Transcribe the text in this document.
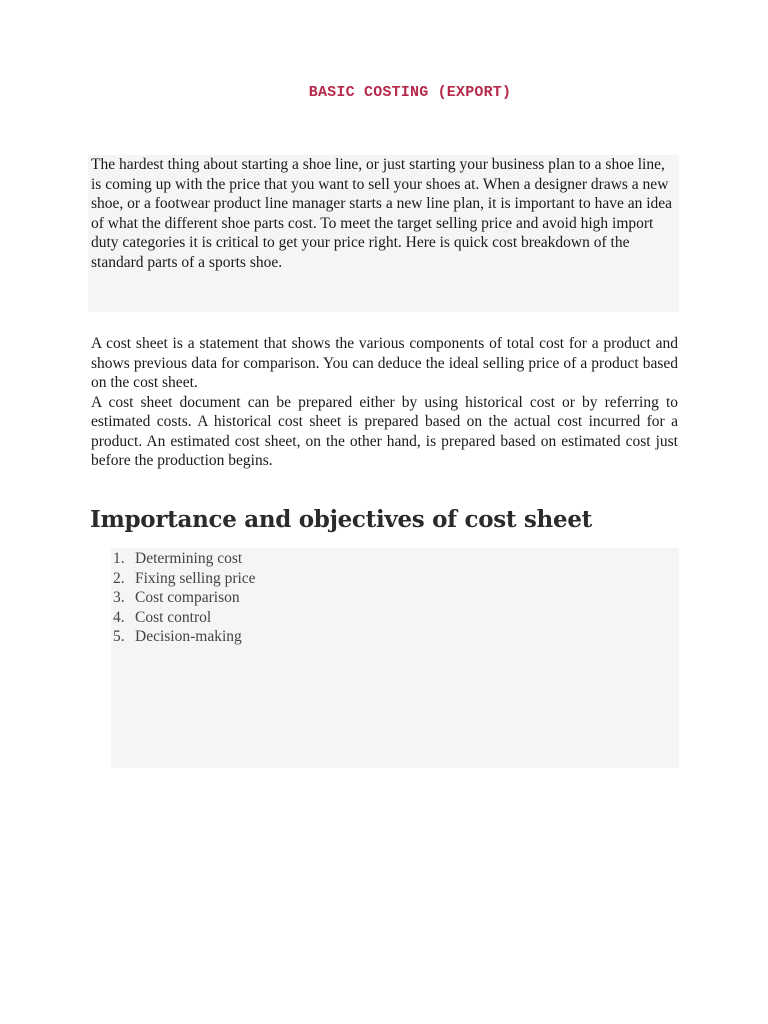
BASIC COSTING (EXPORT)
The hardest thing about starting a shoe line, or just starting your business plan to a shoe line, is coming up with the price that you want to sell your shoes at. When a designer draws a new shoe, or a footwear product line manager starts a new line plan, it is important to have an idea of what the different shoe parts cost. To meet the target selling price and avoid high import duty categories it is critical to get your price right. Here is quick cost breakdown of the standard parts of a sports shoe.

A cost sheet is a statement that shows the various components of total cost for a product and shows previous data for comparison. You can deduce the ideal selling price of a product based on the cost sheet.

A cost sheet document can be prepared either by using historical cost or by referring to estimated costs. A historical cost sheet is prepared based on the actual cost incurred for a product. An estimated cost sheet, on the other hand, is prepared based on estimated cost just before the production begins.

Importance and objectives of cost sheet
1. Determining cost
2. Fixing selling price
3. Cost comparison
4. Cost control
5. Decision-making
